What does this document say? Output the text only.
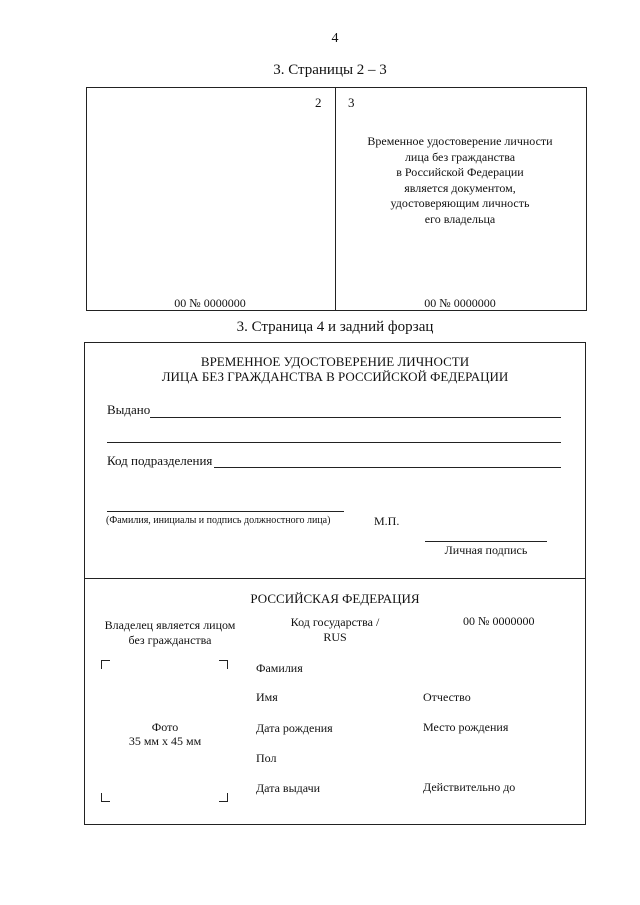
4
3. Страницы 2 – 3
2
00 № 0000000
3
Временное удостоверение личности
лица без гражданства
в Российской Федерации
является документом,
удостоверяющим личность
его владельца
00 № 0000000
3. Страница 4 и задний форзац
ВРЕМЕННОЕ УДОСТОВЕРЕНИЕ ЛИЧНОСТИ
ЛИЦА БЕЗ ГРАЖДАНСТВА В РОССИЙСКОЙ ФЕДЕРАЦИИ
Выдано
Код подразделения
(Фамилия, инициалы и подпись должностного лица)	М.П.
Личная подпись
РОССИЙСКАЯ ФЕДЕРАЦИЯ
Владелец является лицом
без гражданства
Код государства /
RUS
00 № 0000000
Фото
35 мм х 45 мм
Фамилия
Имя	Отчество
Дата рождения	Место рождения
Пол
Дата выдачи	Действительно до
